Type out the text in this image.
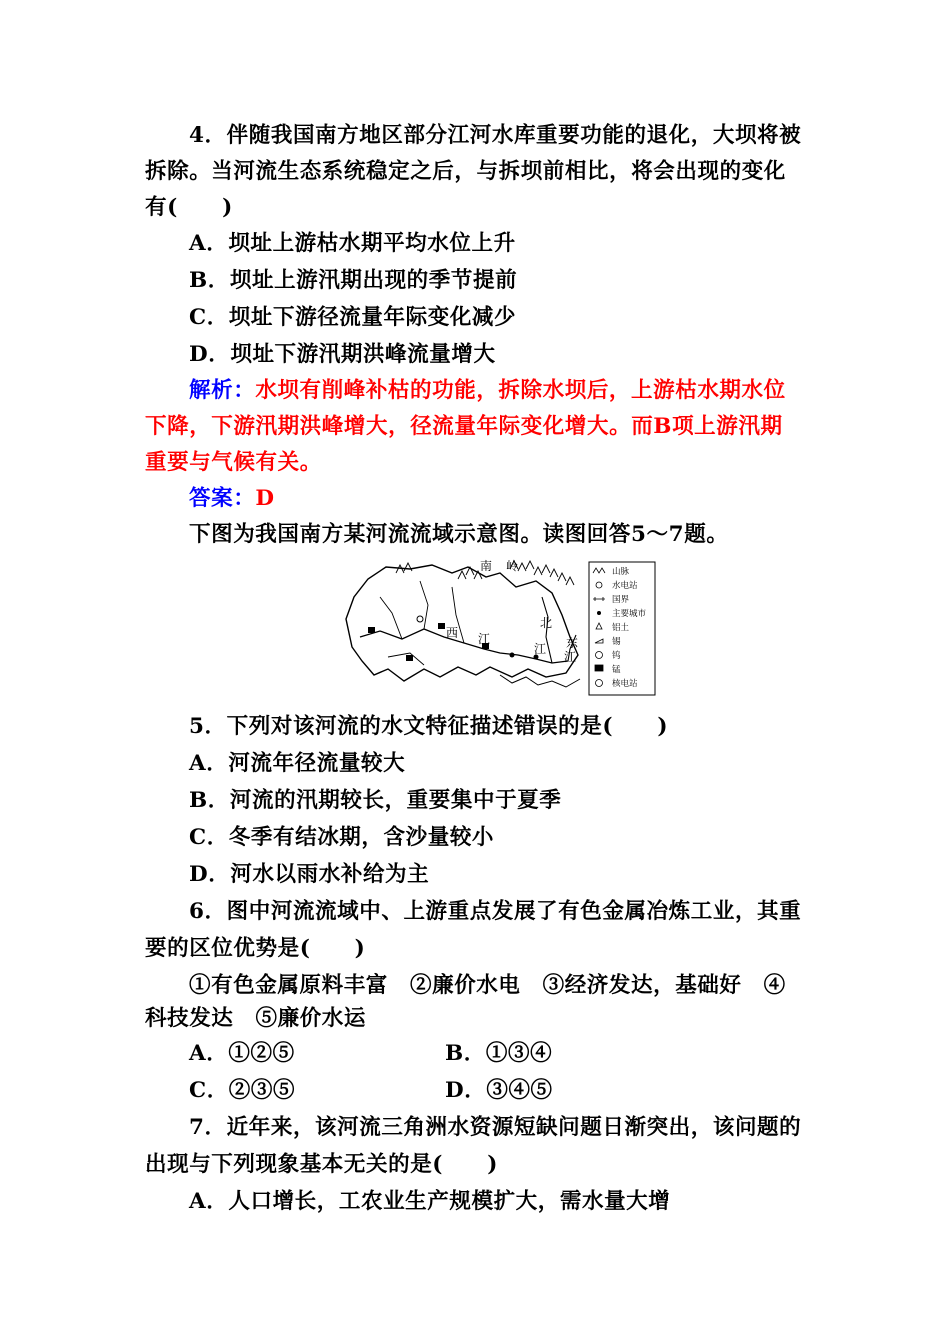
4．伴随我国南方地区部分江河水库重要功能的退化，大坝将被
拆除。当河流生态系统稳定之后，与拆坝前相比，将会出现的变化
有(　　)
A．坝址上游枯水期平均水位上升
B．坝址上游汛期出现的季节提前
C．坝址下游径流量年际变化减少
D．坝址下游汛期洪峰流量增大
解析：水坝有削峰补枯的功能，拆除水坝后，上游枯水期水位
下降，下游汛期洪峰增大，径流量年际变化增大。而B项上游汛期
重要与气候有关。
答案：D
下图为我国南方某河流流域示意图。读图回答5～7题。
南 岭
西 江
北
江 东
江
山脉
水电站
国界
主要城市
铝土
锡
钨
锰
核电站
5．下列对该河流的水文特征描述错误的是(　　)
A．河流年径流量较大
B．河流的汛期较长，重要集中于夏季
C．冬季有结冰期，含沙量较小
D．河水以雨水补给为主
6．图中河流流域中、上游重点发展了有色金属冶炼工业，其重
要的区位优势是(　　)
①有色金属原料丰富　②廉价水电　③经济发达，基础好　④
科技发达　⑤廉价水运
A．①②⑤	B．①③④
C．②③⑤	D．③④⑤
7．近年来，该河流三角洲水资源短缺问题日渐突出，该问题的
出现与下列现象基本无关的是(　　)
A．人口增长，工农业生产规模扩大，需水量大增
